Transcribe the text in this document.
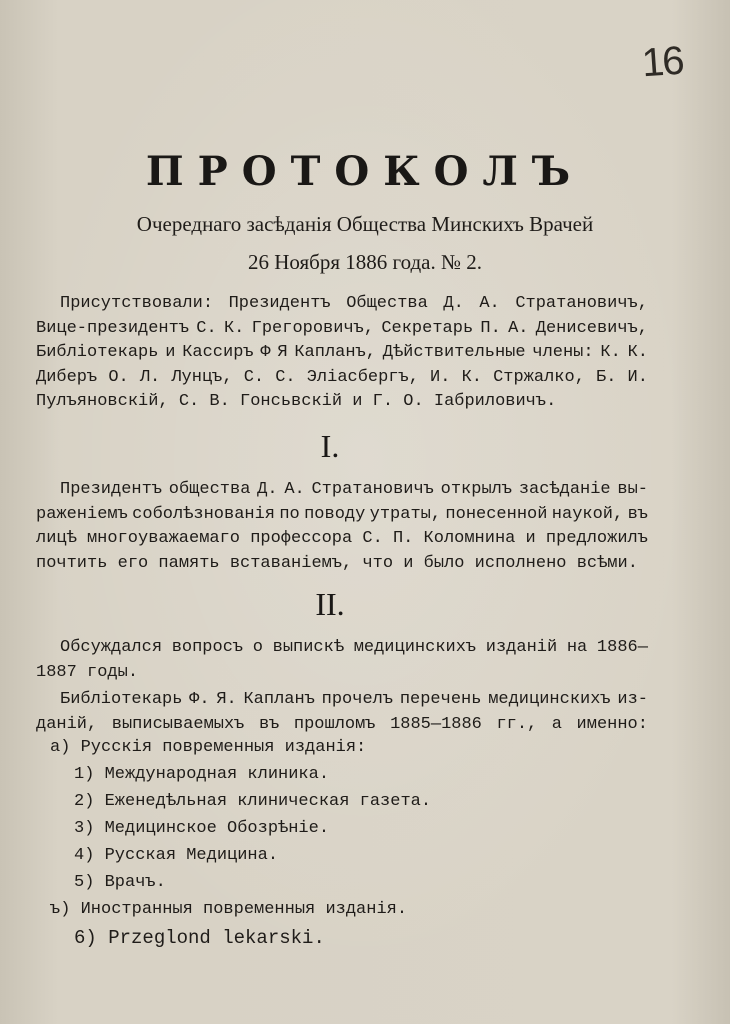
16
ПРОТОКОЛЪ
Очереднаго засѣданія Общества Минскихъ Врачей
26 Ноября 1886 года. № 2.
Присутствовали: Президентъ Общества Д. А. Стратановичъ,
Вице-президентъ С. К. Грегоровичъ, Секретарь П. А. Денисевичъ,
Библіотекарь и Кассиръ Ф Я Капланъ, Дѣйствительные члены: К. К.
Диберъ О. Л. Лунцъ, С. С. Эліасбергъ, И. К. Стржалко, Б. И.
Пулъяновскій, С. В. Гонсьвскій и Г. О. Іабриловичъ.
I.
Президентъ общества Д. А. Стратановичъ открылъ засѣданіе вы-
раженіемъ соболѣзнованія по поводу утраты, понесенной наукой, въ
лицѣ многоуважаемаго профессора С. П. Коломнина и предложилъ
почтить его память вставаніемъ, что и было исполнено всѣми.
II.
Обсуждался вопросъ о выпискѣ медицинскихъ изданій на 1886—
1887 годы.
Библіотекарь Ф. Я. Капланъ прочелъ перечень медицинскихъ из-
даній, выписываемыхъ въ прошломъ 1885—1886 гг., а именно:
а) Русскія повременныя изданія:
1) Международная клиника.
2) Еженедѣльная клиническая газета.
3) Медицинское Обозрѣніе.
4) Русская Медицина.
5) Врачъ.
ъ) Иностранныя повременныя изданія.
6) Przeglond lekarski.
